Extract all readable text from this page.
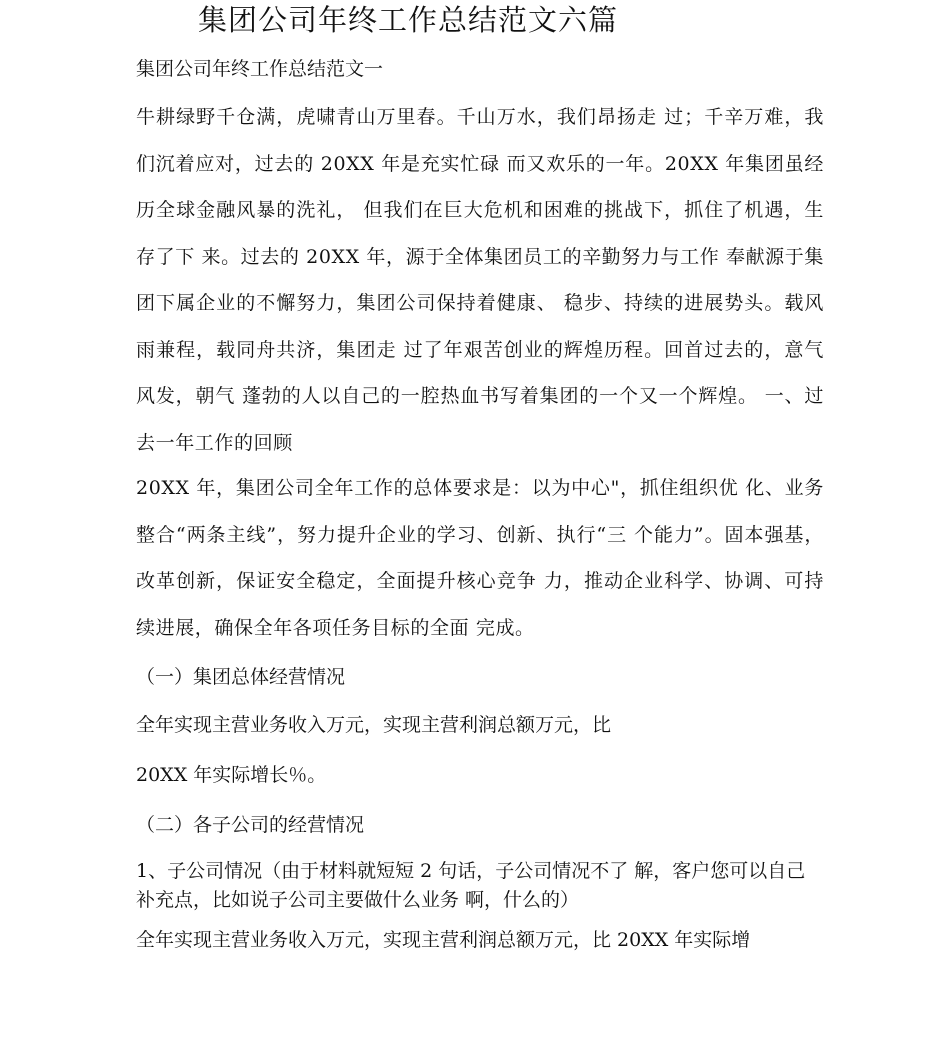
集团公司年终工作总结范文六篇
集团公司年终工作总结范文一

牛耕绿野千仓满，虎啸青山万里春。千山万水，我们昂扬走 过；千辛万难，我们沉着应对，过去的 20XX 年是充实忙碌 而又欢乐的一年。20XX 年集团虽经历全球金融风暴的洗礼， 但我们在巨大危机和困难的挑战下，抓住了机遇，生存了下 来。过去的 20XX 年，源于全体集团员工的辛勤努力与工作 奉献源于集团下属企业的不懈努力，集团公司保持着健康、 稳步、持续的进展势头。载风雨兼程，载同舟共济，集团走 过了年艰苦创业的辉煌历程。回首过去的，意气风发，朝气 蓬勃的人以自己的一腔热血书写着集团的一个又一个辉煌。 一、过去一年工作的回顾

20XX 年，集团公司全年工作的总体要求是：以为中心"，抓住组织优 化、业务整合“两条主线”，努力提升企业的学习、创新、执行“三 个能力”。固本强基，改革创新，保证安全稳定，全面提升核心竞争 力，推动企业科学、协调、可持续进展，确保全年各项任务目标的全面 完成。

（一）集团总体经营情况
全年实现主营业务收入万元，实现主营利润总额万元，比
20XX 年实际增长％。
（二）各子公司的经营情况

1、子公司情况（由于材料就短短 2 句话，子公司情况不了 解，客户您可以自己补充点，比如说子公司主要做什么业务 啊，什么的）

全年实现主营业务收入万元，实现主营利润总额万元，比 20XX 年实际增
